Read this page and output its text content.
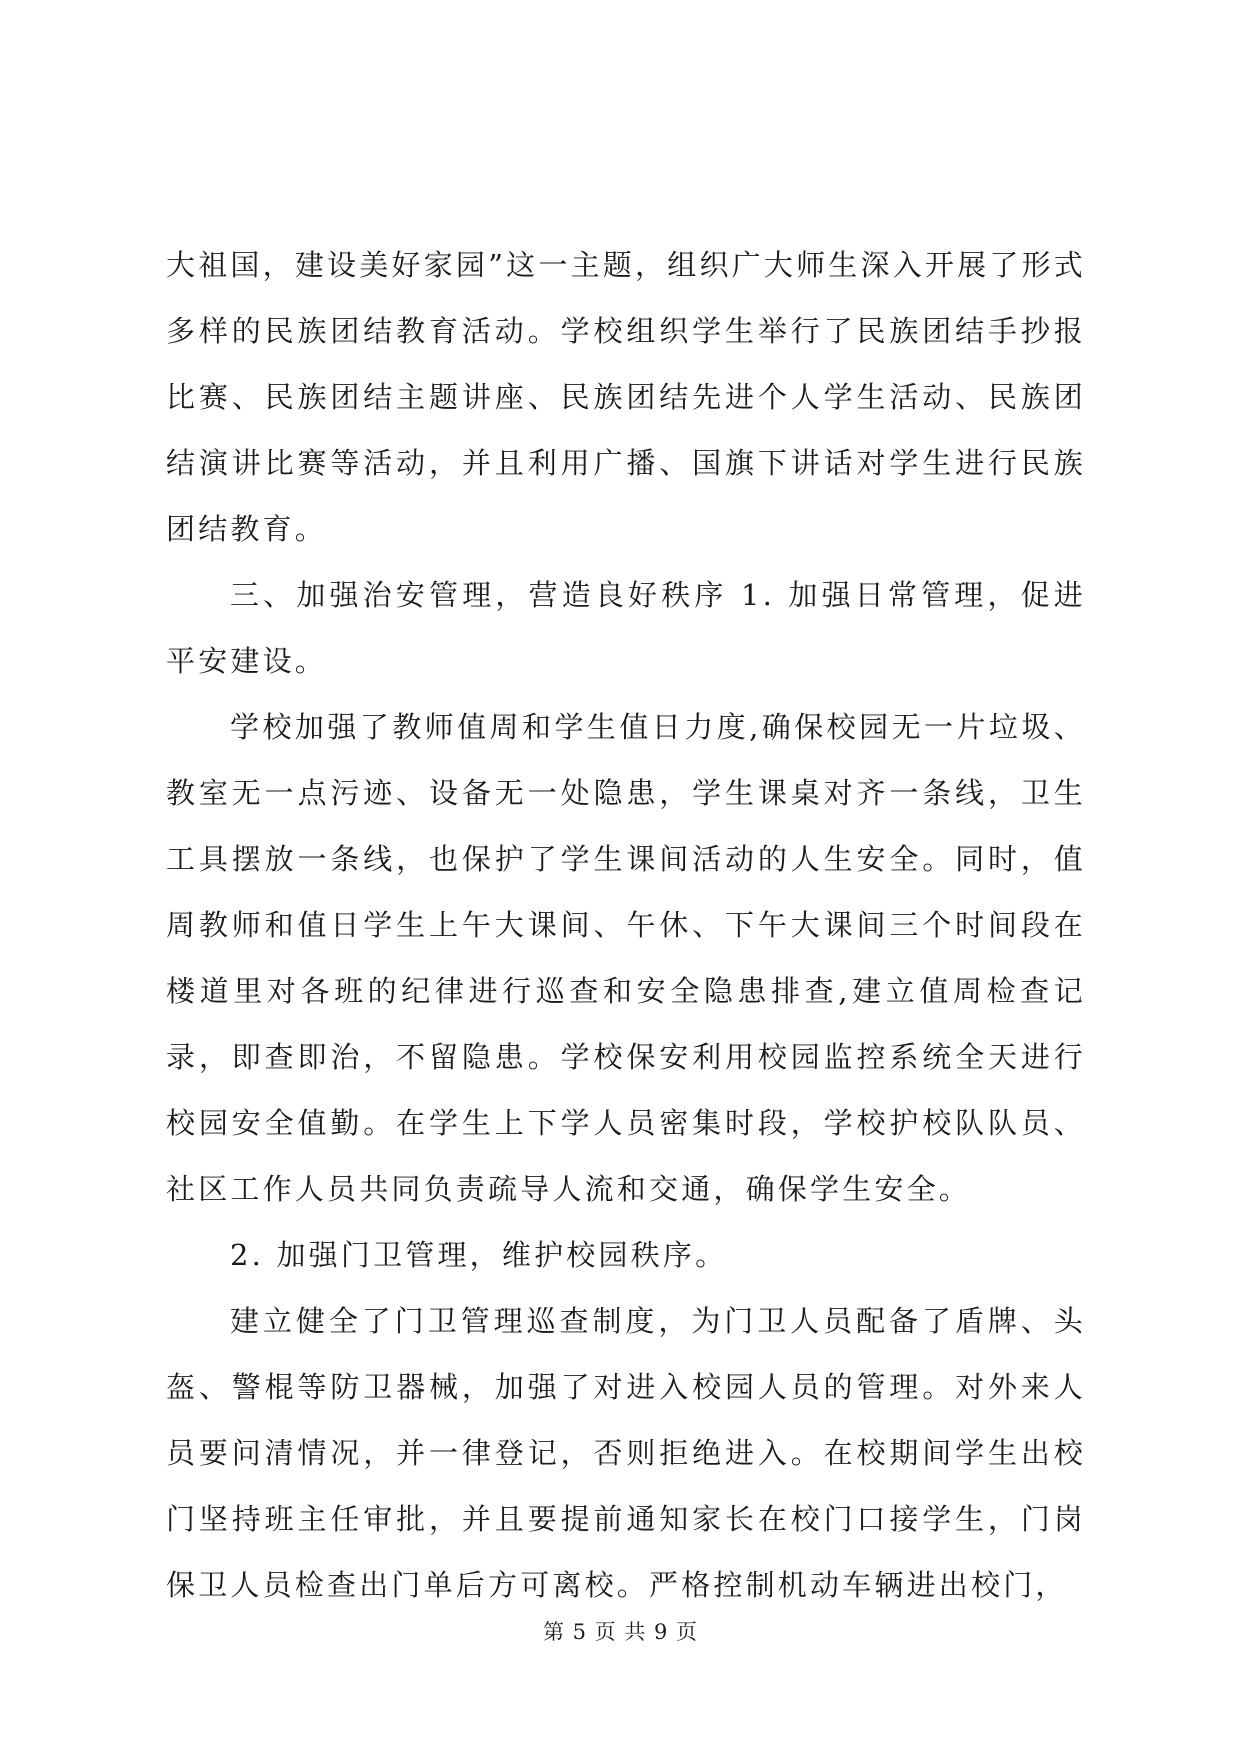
大祖国，建设美好家园”这一主题，组织广大师生深入开展了形式多样的民族团结教育活动。学校组织学生举行了民族团结手抄报比赛、民族团结主题讲座、民族团结先进个人学生活动、民族团结演讲比赛等活动，并且利用广播、国旗下讲话对学生进行民族团结教育。

三、加强治安管理，营造良好秩序 1. 加强日常管理，促进平安建设。

学校加强了教师值周和学生值日力度,确保校园无一片垃圾、教室无一点污迹、设备无一处隐患，学生课桌对齐一条线，卫生工具摆放一条线，也保护了学生课间活动的人生安全。同时，值周教师和值日学生上午大课间、午休、下午大课间三个时间段在楼道里对各班的纪律进行巡查和安全隐患排查,建立值周检查记录，即查即治，不留隐患。学校保安利用校园监控系统全天进行校园安全值勤。在学生上下学人员密集时段，学校护校队队员、社区工作人员共同负责疏导人流和交通，确保学生安全。

2. 加强门卫管理，维护校园秩序。

建立健全了门卫管理巡查制度，为门卫人员配备了盾牌、头盔、警棍等防卫器械，加强了对进入校园人员的管理。对外来人员要问清情况，并一律登记，否则拒绝进入。在校期间学生出校门坚持班主任审批，并且要提前通知家长在校门口接学生，门岗保卫人员检查出门单后方可离校。严格控制机动车辆进出校门，

第 5 页 共 9 页
